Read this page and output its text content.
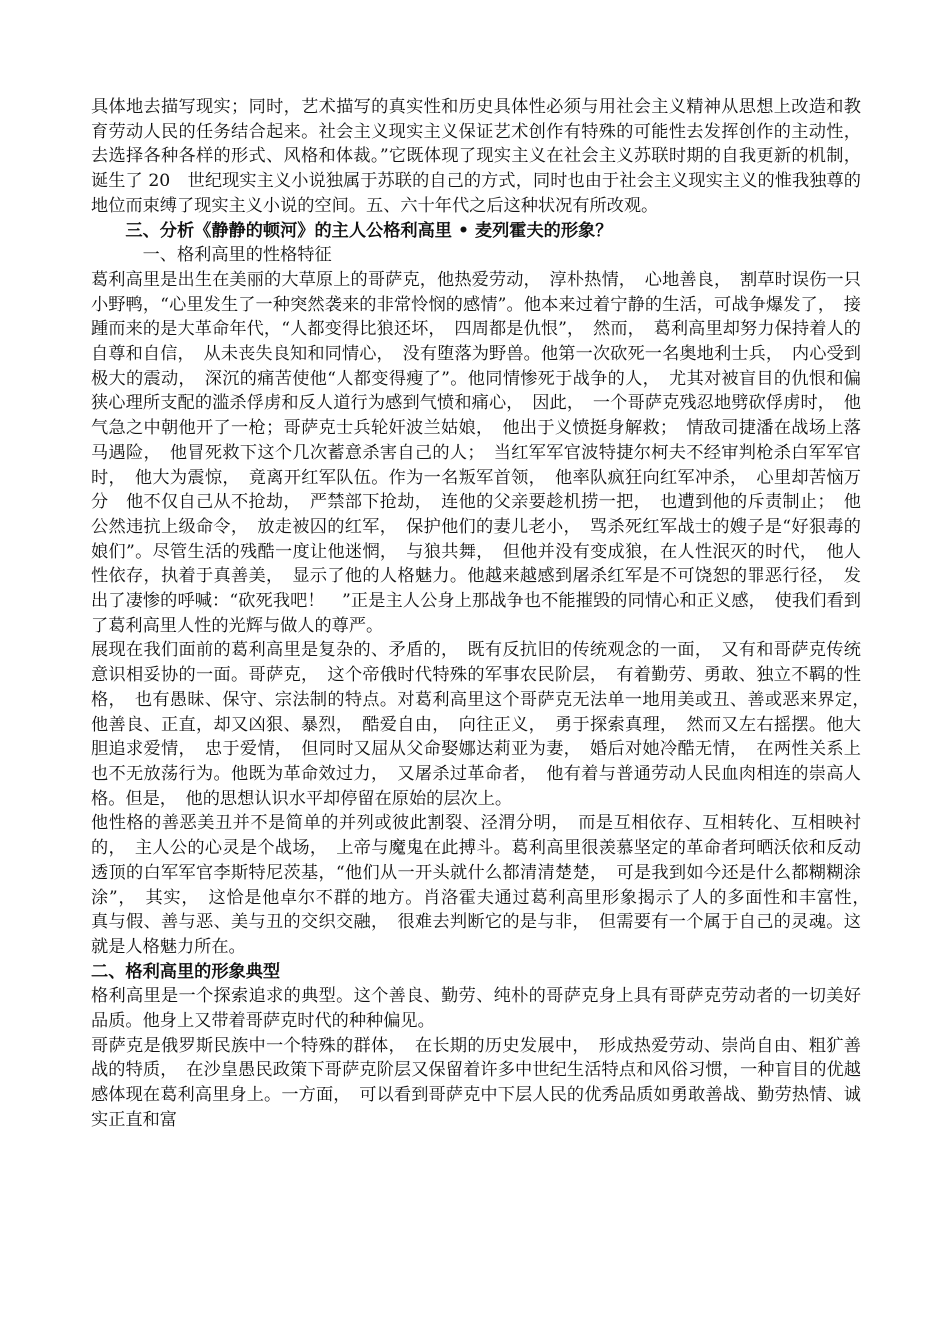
具体地去描写现实；同时，艺术描写的真实性和历史具体性必须与用社会主义精神从思想上改造和教育劳动人民的任务结合起来。社会主义现实主义保证艺术创作有特殊的可能性去发挥创作的主动性，去选择各种各样的形式、风格和体裁。”它既体现了现实主义在社会主义苏联时期的自我更新的机制，诞生了 20　世纪现实主义小说独属于苏联的自己的方式，同时也由于社会主义现实主义的惟我独尊的地位而束缚了现实主义小说的空间。五、六十年代之后这种状况有所改观。

三、分析《静静的顿河》的主人公格利高里 • 麦列霍夫的形象？

一、格利高里的性格特征

葛利高里是出生在美丽的大草原上的哥萨克，他热爱劳动，　淳朴热情，　心地善良，　割草时误伤一只小野鸭，“心里发生了一种突然袭来的非常怜悯的感情”。他本来过着宁静的生活，可战争爆发了，　接踵而来的是大革命年代，“人都变得比狼还坏，　四周都是仇恨”，　然而，　葛利高里却努力保持着人的自尊和自信，　从未丧失良知和同情心，　没有堕落为野兽。他第一次砍死一名奥地利士兵，　内心受到极大的震动，　深沉的痛苦使他“人都变得瘦了”。他同情惨死于战争的人，　尤其对被盲目的仇恨和偏狭心理所支配的滥杀俘虏和反人道行为感到气愤和痛心，　因此，　一个哥萨克残忍地劈砍俘虏时，　他气急之中朝他开了一枪；哥萨克士兵轮奸波兰姑娘，　他出于义愤挺身解救；　情敌司捷潘在战场上落马遇险，　他冒死救下这个几次蓄意杀害自己的人；　当红军军官波特捷尔柯夫不经审判枪杀白军军官时，　他大为震惊，　竟离开红军队伍。作为一名叛军首领，　他率队疯狂向红军冲杀，　心里却苦恼万分　他不仅自己从不抢劫，　严禁部下抢劫，　连他的父亲要趁机捞一把，　也遭到他的斥责制止；　他公然违抗上级命令，　放走被囚的红军，　保护他们的妻儿老小，　骂杀死红军战士的嫂子是“好狠毒的娘们”。尽管生活的残酷一度让他迷惘，　与狼共舞，　但他并没有变成狼，在人性泯灭的时代，　他人性依存，执着于真善美，　显示了他的人格魅力。他越来越感到屠杀红军是不可饶恕的罪恶行径，　发出了凄惨的呼喊：“砍死我吧！　”正是主人公身上那战争也不能摧毁的同情心和正义感，　使我们看到了葛利高里人性的光辉与做人的尊严。

展现在我们面前的葛利高里是复杂的、矛盾的，　既有反抗旧的传统观念的一面，　又有和哥萨克传统意识相妥协的一面。哥萨克，　这个帝俄时代特殊的军事农民阶层，　有着勤劳、勇敢、独立不羁的性格，　也有愚昧、保守、宗法制的特点。对葛利高里这个哥萨克无法单一地用美或丑、善或恶来界定，　他善良、正直，却又凶狠、暴烈，　酷爱自由，　向往正义，　勇于探索真理，　然而又左右摇摆。他大胆追求爱情，　忠于爱情，　但同时又屈从父命娶娜达莉亚为妻，　婚后对她冷酷无情，　在两性关系上也不无放荡行为。他既为革命效过力，　又屠杀过革命者，　他有着与普通劳动人民血肉相连的崇高人格。但是，　他的思想认识水平却停留在原始的层次上。

他性格的善恶美丑并不是简单的并列或彼此割裂、泾渭分明，　而是互相依存、互相转化、互相映衬的，　主人公的心灵是个战场，　上帝与魔鬼在此搏斗。葛利高里很羡慕坚定的革命者珂晒沃依和反动透顶的白军军官李斯特尼茨基，“他们从一开头就什么都清清楚楚，　可是我到如今还是什么都糊糊涂涂”，　其实，　这恰是他卓尔不群的地方。肖洛霍夫通过葛利高里形象揭示了人的多面性和丰富性，　真与假、善与恶、美与丑的交织交融，　很难去判断它的是与非，　但需要有一个属于自己的灵魂。这就是人格魅力所在。

二、格利高里的形象典型

格利高里是一个探索追求的典型。这个善良、勤劳、纯朴的哥萨克身上具有哥萨克劳动者的一切美好品质。他身上又带着哥萨克时代的种种偏见。

哥萨克是俄罗斯民族中一个特殊的群体，　在长期的历史发展中，　形成热爱劳动、崇尚自由、粗犷善战的特质，　在沙皇愚民政策下哥萨克阶层又保留着许多中世纪生活特点和风俗习惯，一种盲目的优越感体现在葛利高里身上。一方面，　可以看到哥萨克中下层人民的优秀品质如勇敢善战、勤劳热情、诚实正直和富
